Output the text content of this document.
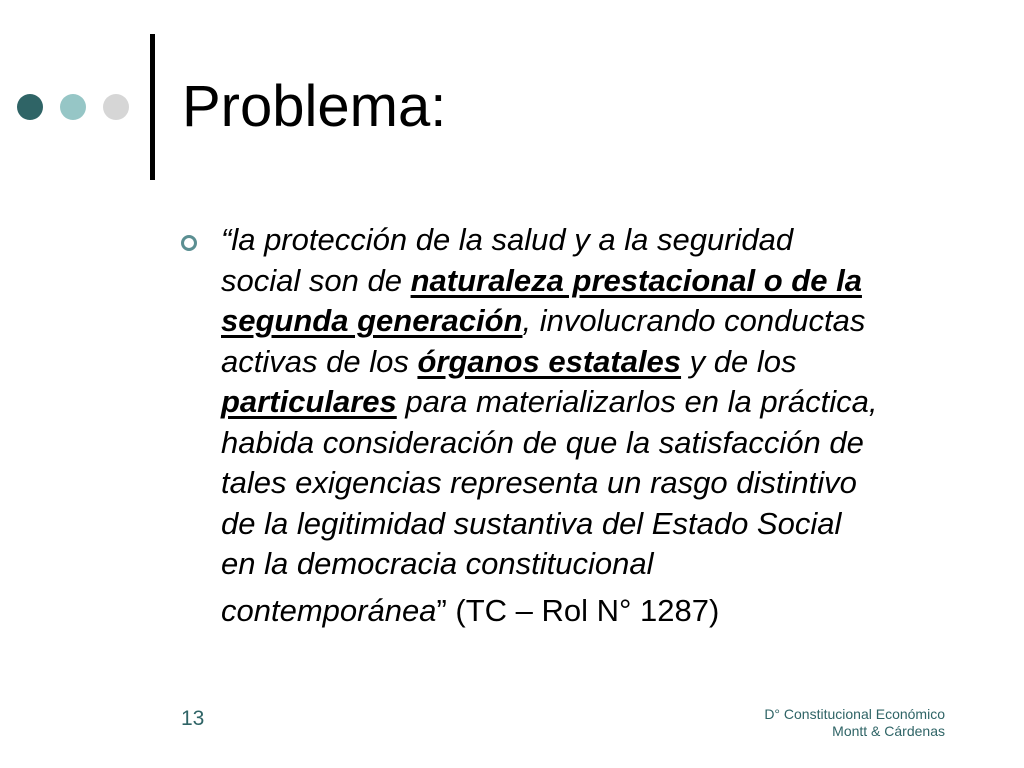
Problema:
“la protección de la salud y a la seguridad
social son de naturaleza prestacional o de la
segunda generación, involucrando conductas
activas de los órganos estatales y de los
particulares para materializarlos en la práctica,
habida consideración de que la satisfacción de
tales exigencias representa un rasgo distintivo
de la legitimidad sustantiva del Estado Social
en la democracia constitucional
contemporánea” (TC – Rol N° 1287)
13	D° Constitucional Económico
Montt & Cárdenas
